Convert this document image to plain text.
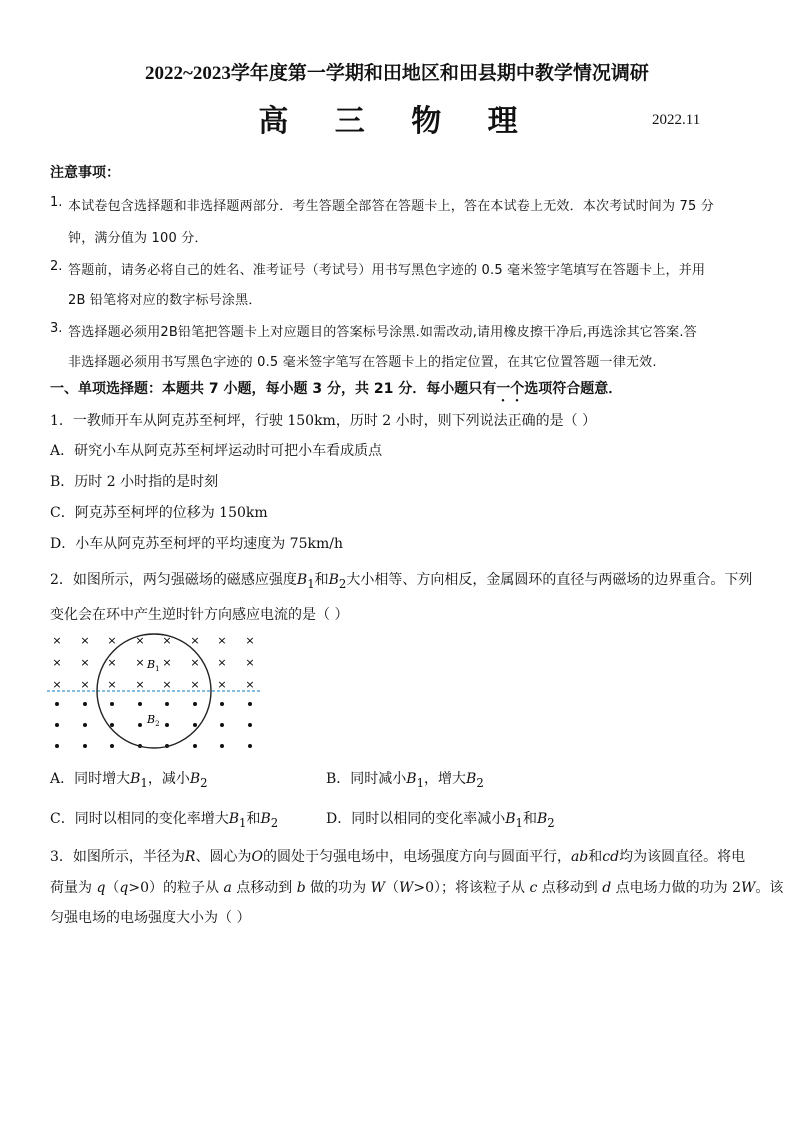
2022~2023学年度第一学期和田地区和田县期中教学情况调研
高 三 物 理	2022.11
注意事项：
1. 本试卷包含选择题和非选择题两部分．考生答题全部答在答题卡上，答在本试卷上无效．本次考试时间为 75 分
钟，满分值为 100 分．
2. 答题前，请务必将自己的姓名、准考证号（考试号）用书写黑色字迹的 0.5 毫米签字笔填写在答题卡上，并用
2B 铅笔将对应的数字标号涂黑．
3. 答选择题必须用2B铅笔把答题卡上对应题目的答案标号涂黑.如需改动,请用橡皮擦干净后,再选涂其它答案.答
非选择题必须用书写黑色字迹的 0.5 毫米签字笔写在答题卡上的指定位置，在其它位置答题一律无效.
一、单项选择题：本题共 7 小题，每小题 3 分，共 21 分．每小题只有一个选项符合题意．
1．一教师开车从阿克苏至柯坪，行驶 150km，历时 2 小时，则下列说法正确的是（ ）
A．研究小车从阿克苏至柯坪运动时可把小车看成质点
B．历时 2 小时指的是时刻
C．阿克苏至柯坪的位移为 150km
D．小车从阿克苏至柯坪的平均速度为 75km/h
2．如图所示，两匀强磁场的磁感应强度$B_1$和$B_2$大小相等、方向相反，金属圆环的直径与两磁场的边界重合。下列
变化会在环中产生逆时针方向感应电流的是（ ）
× × × × × × × ×
× × × × × × × ×
× × × × × × × ×
$B_1$
$B_2$
A．同时增大$B_1$，减小$B_2$	B．同时减小$B_1$，增大$B_2$
C．同时以相同的变化率增大$B_1$和$B_2$	D．同时以相同的变化率减小$B_1$和$B_2$
3．如图所示，半径为R、圆心为O的圆处于匀强电场中，电场强度方向与圆面平行，ab和cd均为该圆直径。将电
荷量为 q（q>0）的粒子从 a 点移动到 b 做的功为 W（W>0）；将该粒子从 c 点移动到 d 点电场力做的功为 2W。该
匀强电场的电场强度大小为（ ）
